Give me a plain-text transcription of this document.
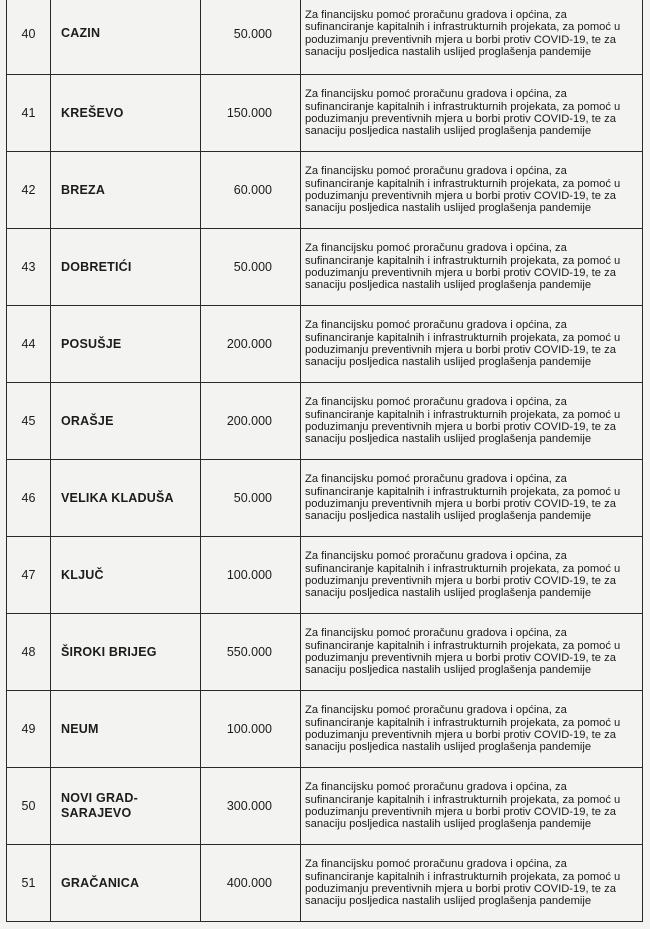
40	CAZIN	50.000	Za financijsku pomoć proračunu gradova i općina, za sufinanciranje kapitalnih i infrastrukturnih projekata, za pomoć u poduzimanju preventivnih mjera u borbi protiv COVID-19, te za sanaciju posljedica nastalih uslijed proglašenja pandemije

41	KREŠEVO	150.000	Za financijsku pomoć proračunu gradova i općina, za sufinanciranje kapitalnih i infrastrukturnih projekata, za pomoć u poduzimanju preventivnih mjera u borbi protiv COVID-19, te za sanaciju posljedica nastalih uslijed proglašenja pandemije

42	BREZA	60.000	Za financijsku pomoć proračunu gradova i općina, za sufinanciranje kapitalnih i infrastrukturnih projekata, za pomoć u poduzimanju preventivnih mjera u borbi protiv COVID-19, te za sanaciju posljedica nastalih uslijed proglašenja pandemije

43	DOBRETIĆI	50.000	Za financijsku pomoć proračunu gradova i općina, za sufinanciranje kapitalnih i infrastrukturnih projekata, za pomoć u poduzimanju preventivnih mjera u borbi protiv COVID-19, te za sanaciju posljedica nastalih uslijed proglašenja pandemije

44	POSUŠJE	200.000	Za financijsku pomoć proračunu gradova i općina, za sufinanciranje kapitalnih i infrastrukturnih projekata, za pomoć u poduzimanju preventivnih mjera u borbi protiv COVID-19, te za sanaciju posljedica nastalih uslijed proglašenja pandemije

45	ORAŠJE	200.000	Za financijsku pomoć proračunu gradova i općina, za sufinanciranje kapitalnih i infrastrukturnih projekata, za pomoć u poduzimanju preventivnih mjera u borbi protiv COVID-19, te za sanaciju posljedica nastalih uslijed proglašenja pandemije

46	VELIKA KLADUŠA	50.000	Za financijsku pomoć proračunu gradova i općina, za sufinanciranje kapitalnih i infrastrukturnih projekata, za pomoć u poduzimanju preventivnih mjera u borbi protiv COVID-19, te za sanaciju posljedica nastalih uslijed proglašenja pandemije

47	KLJUČ	100.000	Za financijsku pomoć proračunu gradova i općina, za sufinanciranje kapitalnih i infrastrukturnih projekata, za pomoć u poduzimanju preventivnih mjera u borbi protiv COVID-19, te za sanaciju posljedica nastalih uslijed proglašenja pandemije

48	ŠIROKI BRIJEG	550.000	Za financijsku pomoć proračunu gradova i općina, za sufinanciranje kapitalnih i infrastrukturnih projekata, za pomoć u poduzimanju preventivnih mjera u borbi protiv COVID-19, te za sanaciju posljedica nastalih uslijed proglašenja pandemije

49	NEUM	100.000	Za financijsku pomoć proračunu gradova i općina, za sufinanciranje kapitalnih i infrastrukturnih projekata, za pomoć u poduzimanju preventivnih mjera u borbi protiv COVID-19, te za sanaciju posljedica nastalih uslijed proglašenja pandemije

50	NOVI GRAD-SARAJEVO	300.000	Za financijsku pomoć proračunu gradova i općina, za sufinanciranje kapitalnih i infrastrukturnih projekata, za pomoć u poduzimanju preventivnih mjera u borbi protiv COVID-19, te za sanaciju posljedica nastalih uslijed proglašenja pandemije

51	GRAČANICA	400.000	Za financijsku pomoć proračunu gradova i općina, za sufinanciranje kapitalnih i infrastrukturnih projekata, za pomoć u poduzimanju preventivnih mjera u borbi protiv COVID-19, te za sanaciju posljedica nastalih uslijed proglašenja pandemije
